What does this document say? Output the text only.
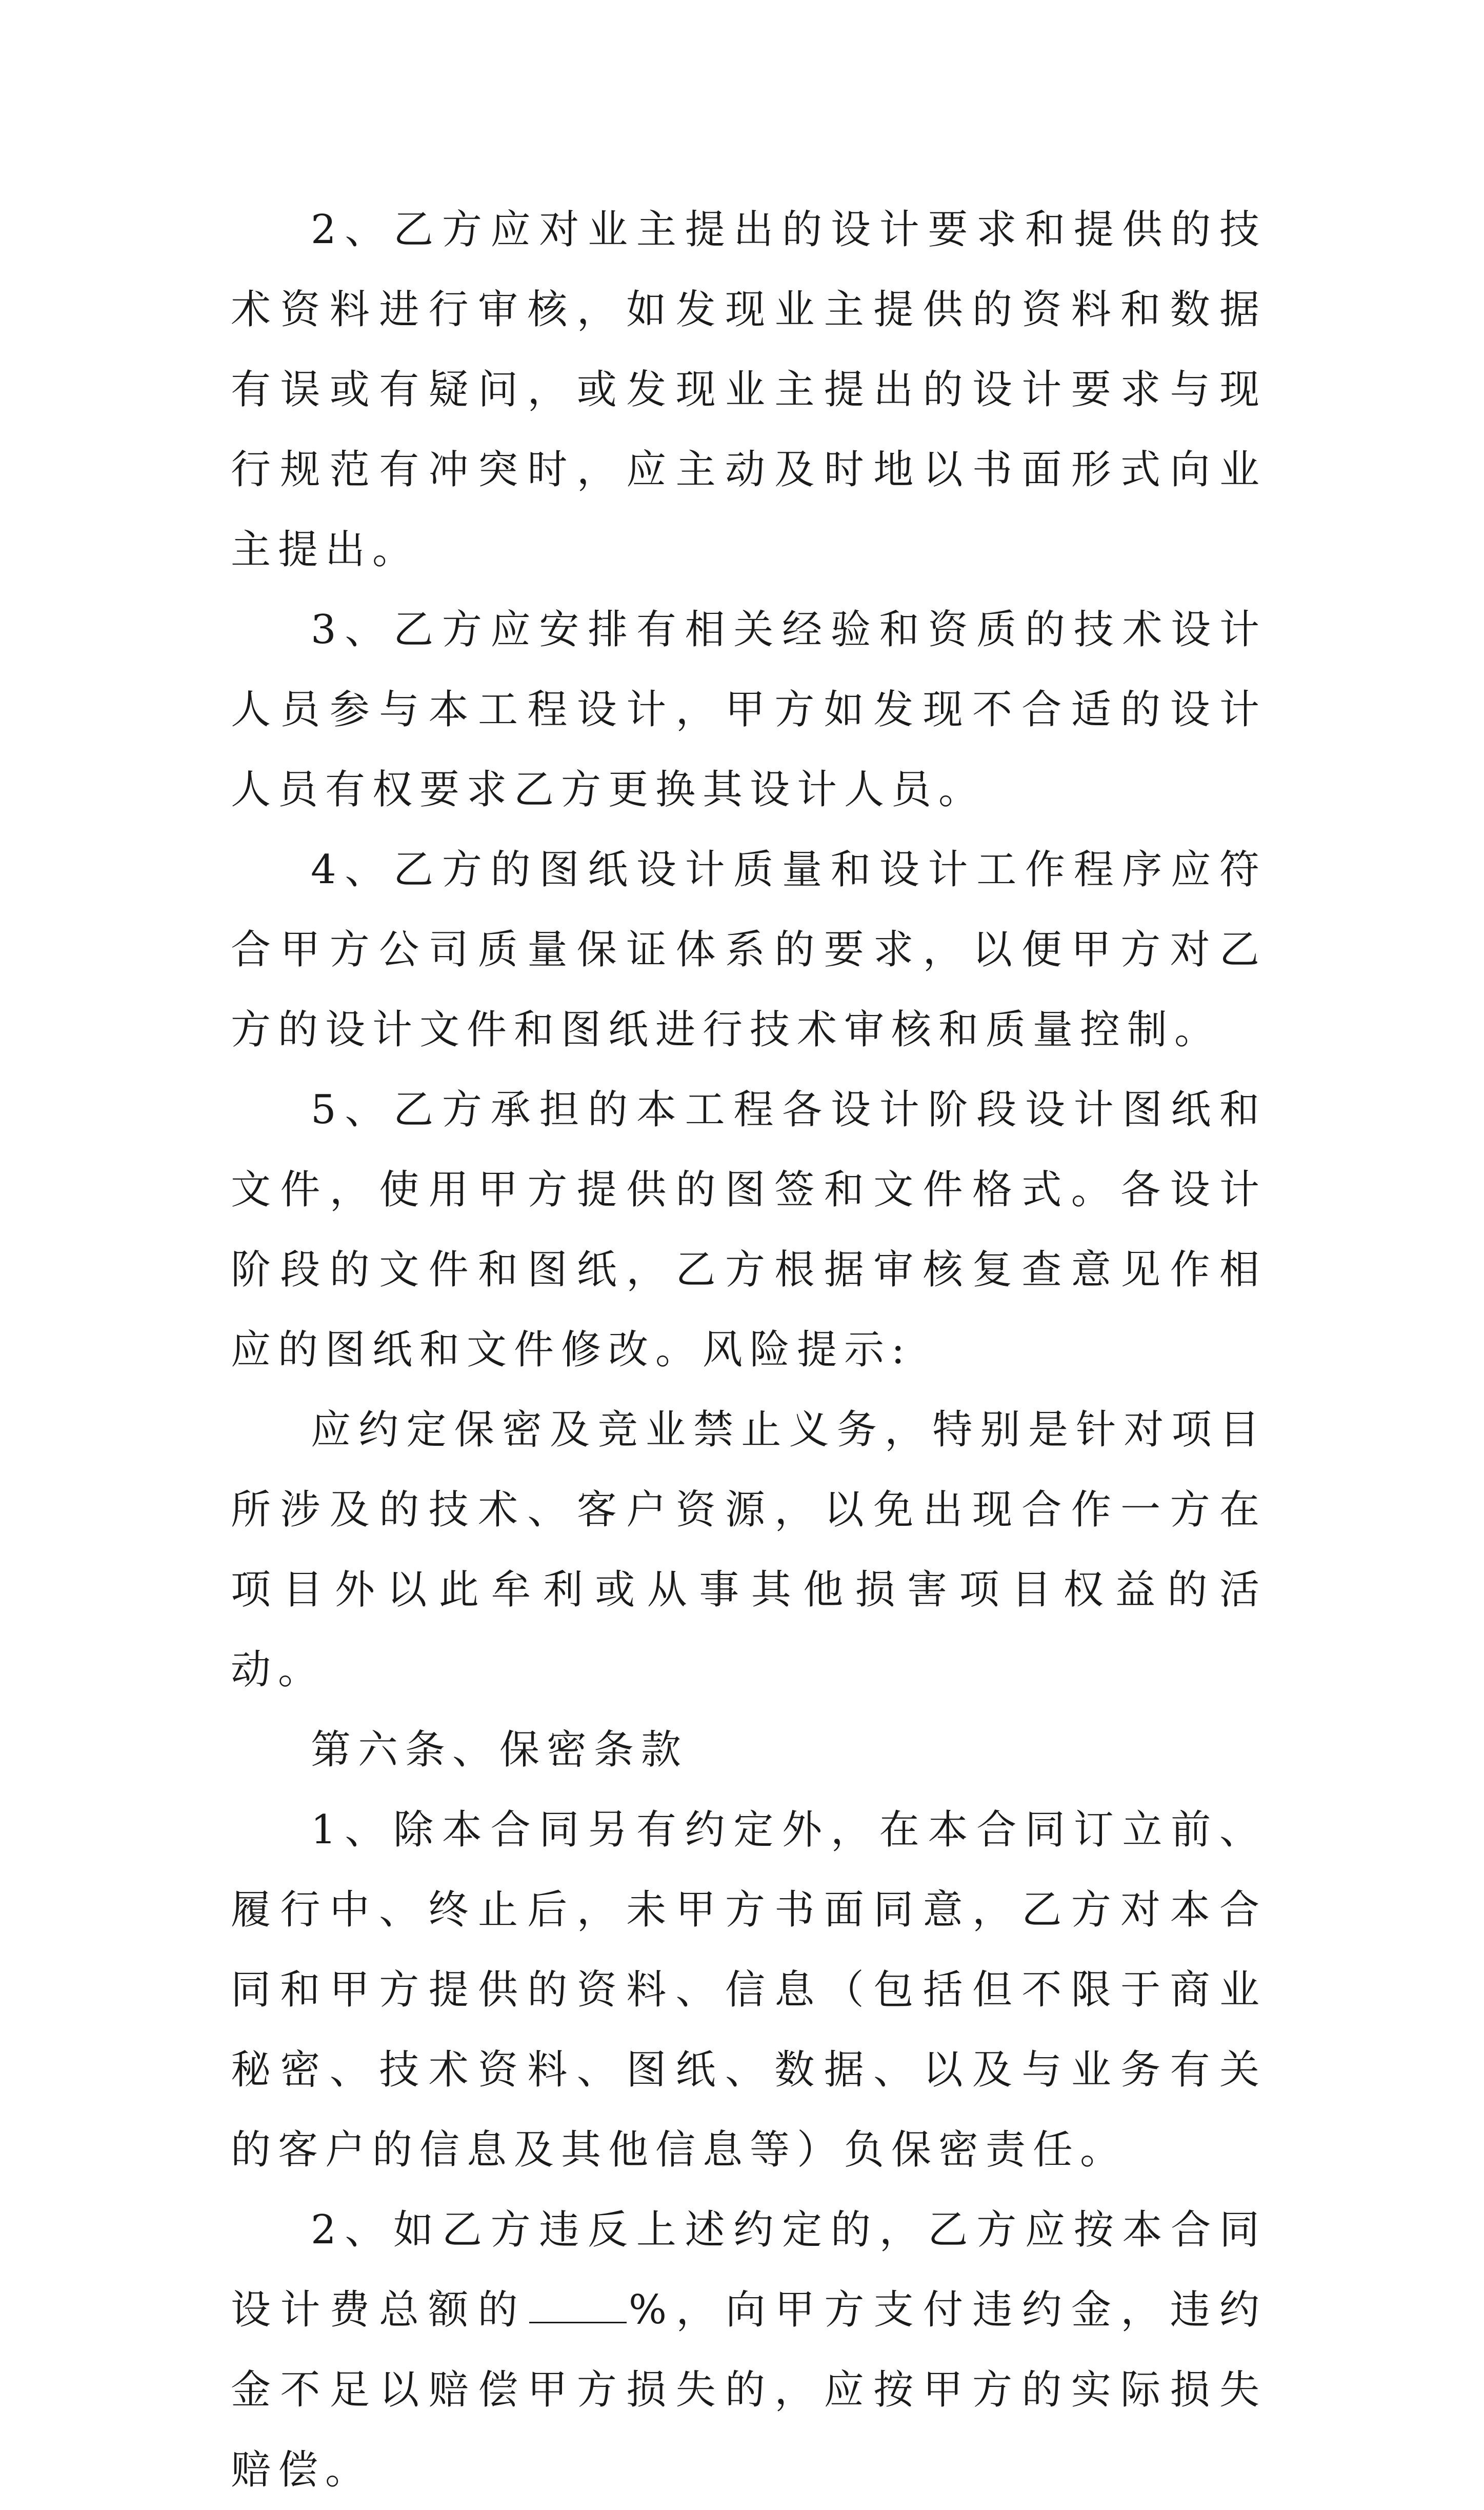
2、乙方应对业主提出的设计要求和提供的技术资料进行审核，如发现业主提供的资料和数据有误或有疑问，或发现业主提出的设计要求与现行规范有冲突时，应主动及时地以书面形式向业主提出。

3、乙方应安排有相关经验和资质的技术设计人员参与本工程设计，甲方如发现不合适的设计人员有权要求乙方更换其设计人员。

4、乙方的图纸设计质量和设计工作程序应符合甲方公司质量保证体系的要求，以便甲方对乙方的设计文件和图纸进行技术审核和质量控制。

5、乙方承担的本工程各设计阶段设计图纸和文件，使用甲方提供的图签和文件格式。各设计阶段的文件和图纸，乙方根据审核复查意见作相应的图纸和文件修改。风险提示:

应约定保密及竞业禁止义务，特别是针对项目所涉及的技术、客户资源，以免出现合作一方在项目外以此牟利或从事其他损害项目权益的活动。

第六条、保密条款

1、除本合同另有约定外，在本合同订立前、履行中、终止后，未甲方书面同意，乙方对本合同和甲方提供的资料、信息（包括但不限于商业秘密、技术资料、图纸、数据、以及与业务有关的客户的信息及其他信息等）负保密责任。

2、如乙方违反上述约定的，乙方应按本合同设计费总额的	%，向甲方支付违约金，违约金不足以赔偿甲方损失的，应按甲方的实际损失赔偿。
